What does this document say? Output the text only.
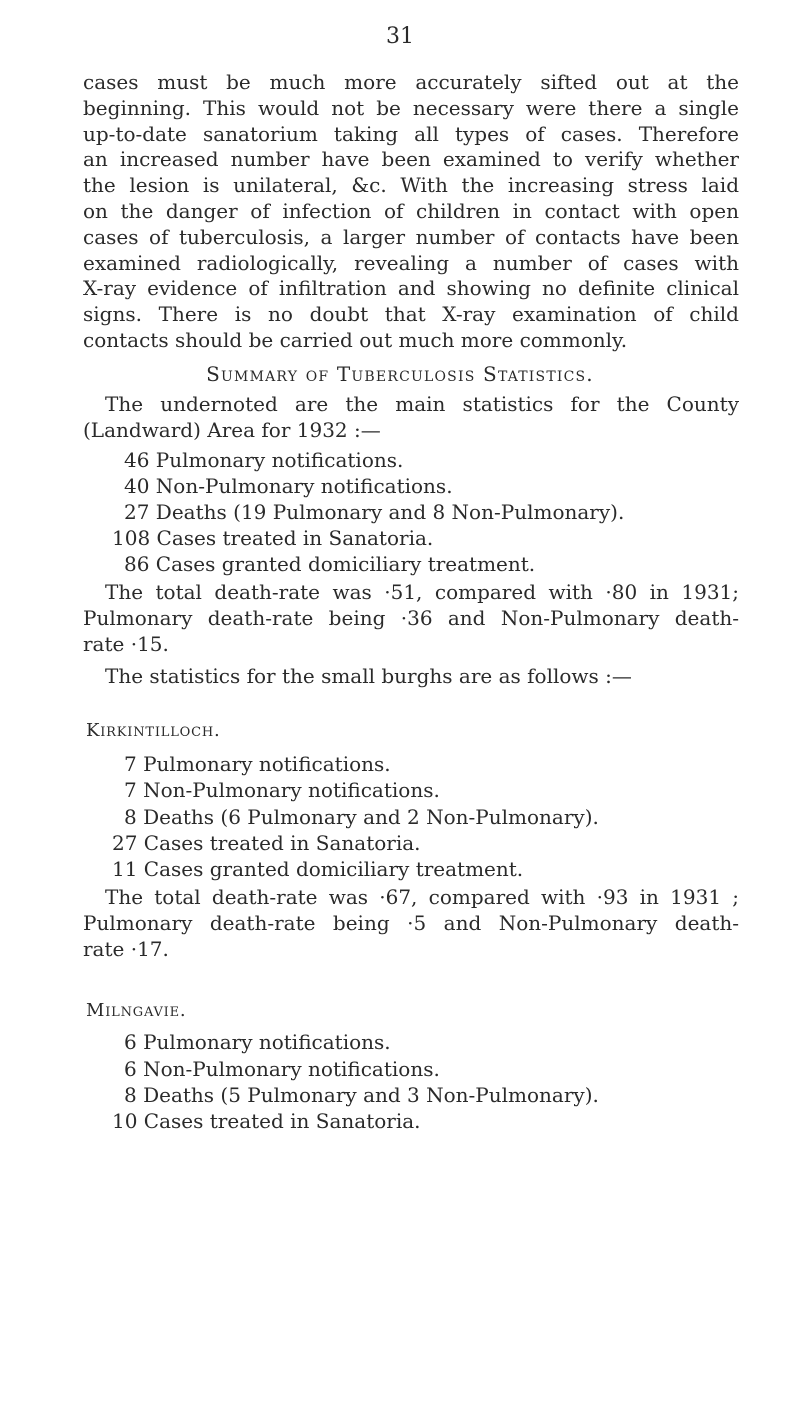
31

cases must be much more accurately sifted out at the
beginning. This would not be necessary were there a single
up-to-date sanatorium taking all types of cases. Therefore
an increased number have been examined to verify whether
the lesion is unilateral, &c. With the increasing stress laid
on the danger of infection of children in contact with open
cases of tuberculosis, a larger number of contacts have been
examined radiologically, revealing a number of cases with
X-ray evidence of infiltration and showing no definite clinical
signs. There is no doubt that X-ray examination of child
contacts should be carried out much more commonly.

Summary of Tuberculosis Statistics.

The undernoted are the main statistics for the County
(Landward) Area for 1932 :—

46 Pulmonary notifications.
40 Non-Pulmonary notifications.
27 Deaths (19 Pulmonary and 8 Non-Pulmonary).
108 Cases treated in Sanatoria.
86 Cases granted domiciliary treatment.

The total death-rate was ·51, compared with ·80 in 1931;
Pulmonary death-rate being ·36 and Non-Pulmonary death-
rate ·15.

The statistics for the small burghs are as follows :—
Kirkintilloch.
7 Pulmonary notifications.
7 Non-Pulmonary notifications.
8 Deaths (6 Pulmonary and 2 Non-Pulmonary).
27 Cases treated in Sanatoria.
11 Cases granted domiciliary treatment.

The total death-rate was ·67, compared with ·93 in 1931 ;
Pulmonary death-rate being ·5 and Non-Pulmonary death-
rate ·17.

Milngavie.
6 Pulmonary notifications.
6 Non-Pulmonary notifications.
8 Deaths (5 Pulmonary and 3 Non-Pulmonary).
10 Cases treated in Sanatoria.
